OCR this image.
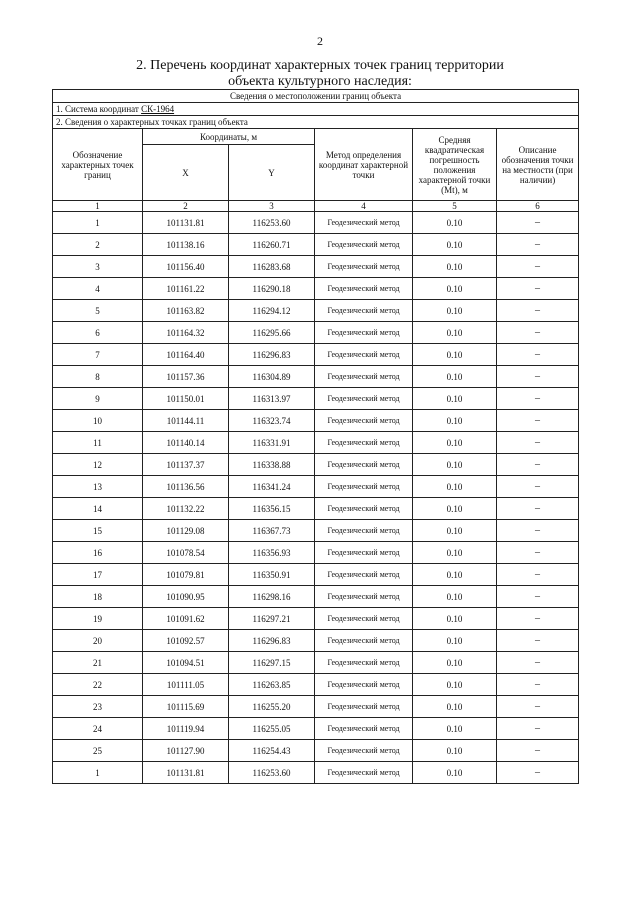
2
2. Перечень координат характерных точек границ территории
объекта культурного наследия:
Сведения о местоположении границ объекта					
1. Система координат СК-1964					
2. Сведения о характерных точках границ объекта					
Обозначение характерных точек границ	Координаты, м		Метод определения координат характерной точки	Средняя квадратическая погрешность положения характерной точки (Mt), м	Описание обозначения точки на местности (при наличии)
	X	Y			
1	2	3	4	5	6
1	101131.81	116253.60	Геодезический метод	0.10	–
2	101138.16	116260.71	Геодезический метод	0.10	–
3	101156.40	116283.68	Геодезический метод	0.10	–
4	101161.22	116290.18	Геодезический метод	0.10	–
5	101163.82	116294.12	Геодезический метод	0.10	–
6	101164.32	116295.66	Геодезический метод	0.10	–
7	101164.40	116296.83	Геодезический метод	0.10	–
8	101157.36	116304.89	Геодезический метод	0.10	–
9	101150.01	116313.97	Геодезический метод	0.10	–
10	101144.11	116323.74	Геодезический метод	0.10	–
11	101140.14	116331.91	Геодезический метод	0.10	–
12	101137.37	116338.88	Геодезический метод	0.10	–
13	101136.56	116341.24	Геодезический метод	0.10	–
14	101132.22	116356.15	Геодезический метод	0.10	–
15	101129.08	116367.73	Геодезический метод	0.10	–
16	101078.54	116356.93	Геодезический метод	0.10	–
17	101079.81	116350.91	Геодезический метод	0.10	–
18	101090.95	116298.16	Геодезический метод	0.10	–
19	101091.62	116297.21	Геодезический метод	0.10	–
20	101092.57	116296.83	Геодезический метод	0.10	–
21	101094.51	116297.15	Геодезический метод	0.10	–
22	101111.05	116263.85	Геодезический метод	0.10	–
23	101115.69	116255.20	Геодезический метод	0.10	–
24	101119.94	116255.05	Геодезический метод	0.10	–
25	101127.90	116254.43	Геодезический метод	0.10	–
1	101131.81	116253.60	Геодезический метод	0.10	–
